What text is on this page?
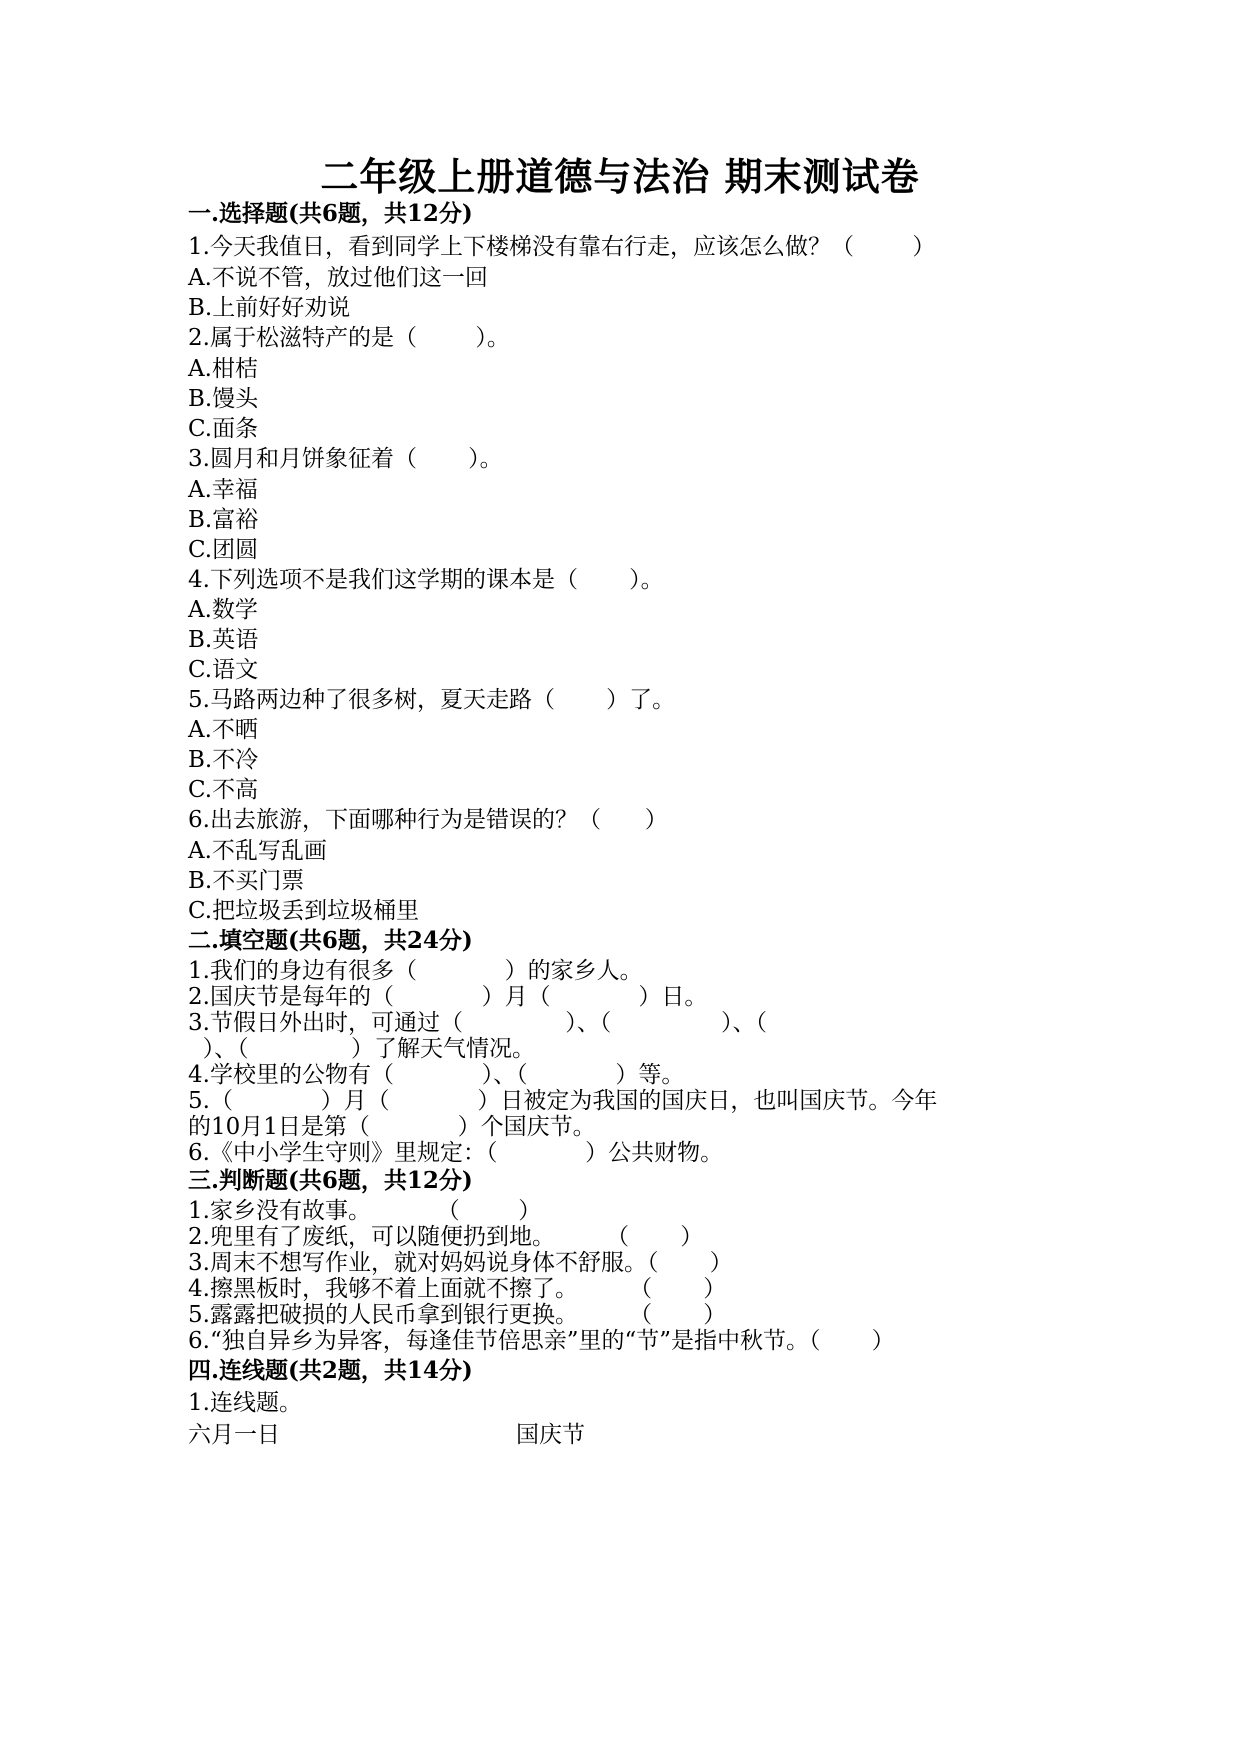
二年级上册道德与法治 期末测试卷
一.选择题(共6题，共12分)
1.今天我值日，看到同学上下楼梯没有靠右行走，应该怎么做？（        ）
A.不说不管，放过他们这一回
B.上前好好劝说
2.属于松滋特产的是（        ）。
A.柑桔
B.馒头
C.面条
3.圆月和月饼象征着（       ）。
A.幸福
B.富裕
C.团圆
4.下列选项不是我们这学期的课本是（       ）。
A.数学
B.英语
C.语文
5.马路两边种了很多树，夏天走路（       ）了。
A.不晒
B.不冷
C.不高
6.出去旅游，下面哪种行为是错误的？（      ）
A.不乱写乱画
B.不买门票
C.把垃圾丢到垃圾桶里
二.填空题(共6题，共24分)
1.我们的身边有很多（            ）的家乡人。
2.国庆节是每年的（            ）月（            ）日。
3.节假日外出时，可通过（              ）、（               ）、（
）、（              ）了解天气情况。
4.学校里的公物有（            ）、（            ）等。
5.（            ）月（            ）日被定为我国的国庆日，也叫国庆节。今年
的10月1日是第（            ）个国庆节。
6.《中小学生守则》里规定：（            ）公共财物。
三.判断题(共6题，共12分)
1.家乡没有故事。         （        ）
2.兜里有了废纸，可以随便扔到地。       （       ）
3.周末不想写作业，就对妈妈说身体不舒服。（       ）
4.擦黑板时，我够不着上面就不擦了。       （       ）
5.露露把破损的人民币拿到银行更换。       （       ）
6.“独自异乡为异客，每逢佳节倍思亲”里的“节”是指中秋节。（       ）
四.连线题(共2题，共14分)
1.连线题。
六月一日	国庆节
